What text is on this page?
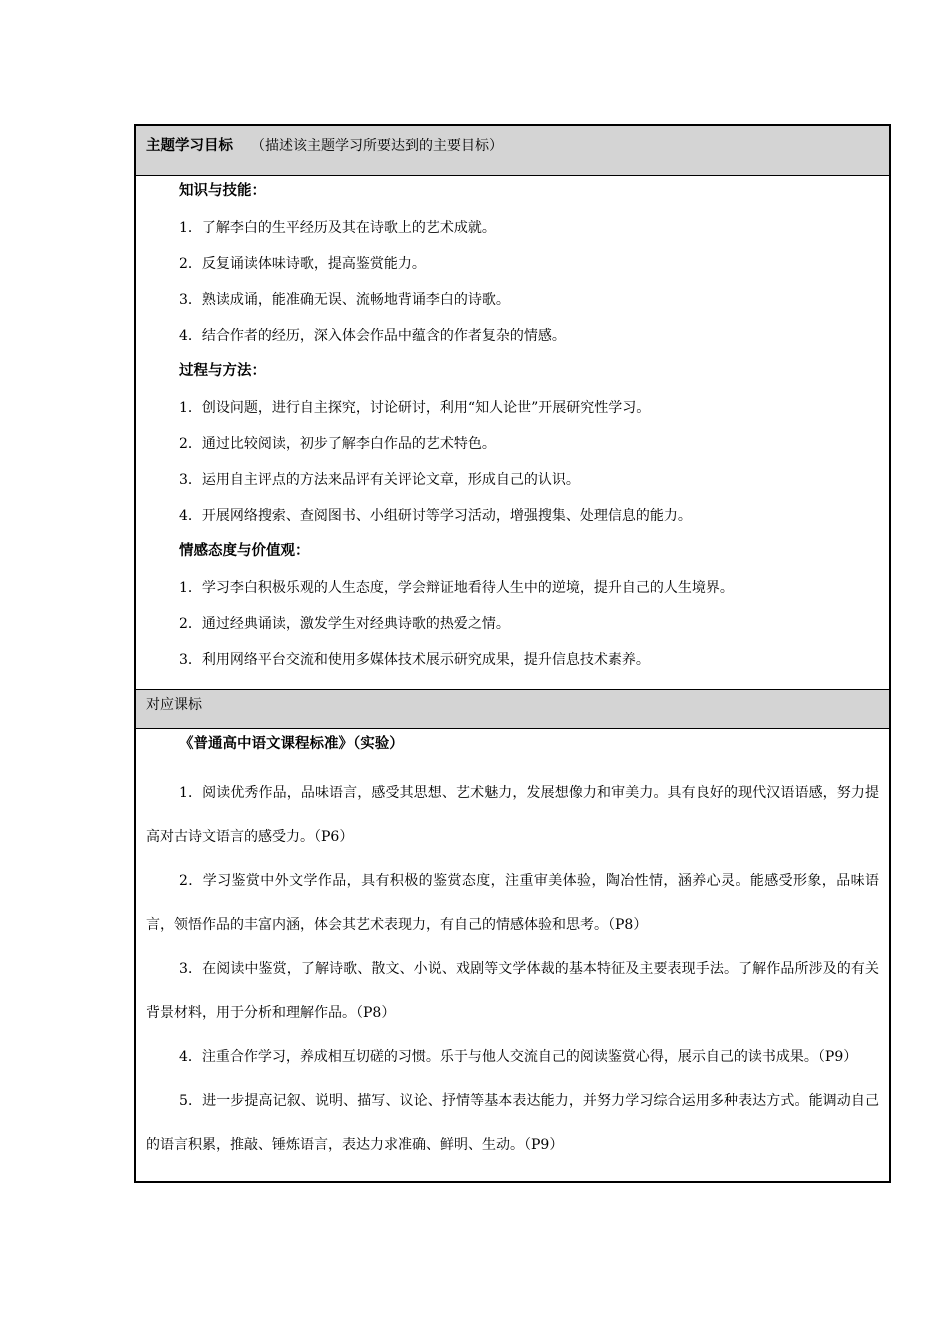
主题学习目标 （描述该主题学习所要达到的主要目标）
知识与技能：
1．了解李白的生平经历及其在诗歌上的艺术成就。
2．反复诵读体味诗歌，提高鉴赏能力。
3．熟读成诵，能准确无误、流畅地背诵李白的诗歌。
4．结合作者的经历，深入体会作品中蕴含的作者复杂的情感。
过程与方法：
1．创设问题，进行自主探究，讨论研讨，利用“知人论世”开展研究性学习。
2．通过比较阅读，初步了解李白作品的艺术特色。
3．运用自主评点的方法来品评有关评论文章，形成自己的认识。
4．开展网络搜索、查阅图书、小组研讨等学习活动，增强搜集、处理信息的能力。
情感态度与价值观：
1．学习李白积极乐观的人生态度，学会辩证地看待人生中的逆境，提升自己的人生境界。
2．通过经典诵读，激发学生对经典诗歌的热爱之情。
3．利用网络平台交流和使用多媒体技术展示研究成果，提升信息技术素养。
对应课标
《普通高中语文课程标准》（实验）

1．阅读优秀作品，品味语言，感受其思想、艺术魅力，发展想像力和审美力。具有良好的现代汉语语感，努力提高对古诗文语言的感受力。（P6）

2．学习鉴赏中外文学作品，具有积极的鉴赏态度，注重审美体验，陶冶性情，涵养心灵。能感受形象，品味语言，领悟作品的丰富内涵，体会其艺术表现力，有自己的情感体验和思考。（P8）

3．在阅读中鉴赏，了解诗歌、散文、小说、戏剧等文学体裁的基本特征及主要表现手法。了解作品所涉及的有关背景材料，用于分析和理解作品。（P8）

4．注重合作学习，养成相互切磋的习惯。乐于与他人交流自己的阅读鉴赏心得，展示自己的读书成果。（P9）

5．进一步提高记叙、说明、描写、议论、抒情等基本表达能力，并努力学习综合运用多种表达方式。能调动自己的语言积累，推敲、锤炼语言，表达力求准确、鲜明、生动。（P9）
